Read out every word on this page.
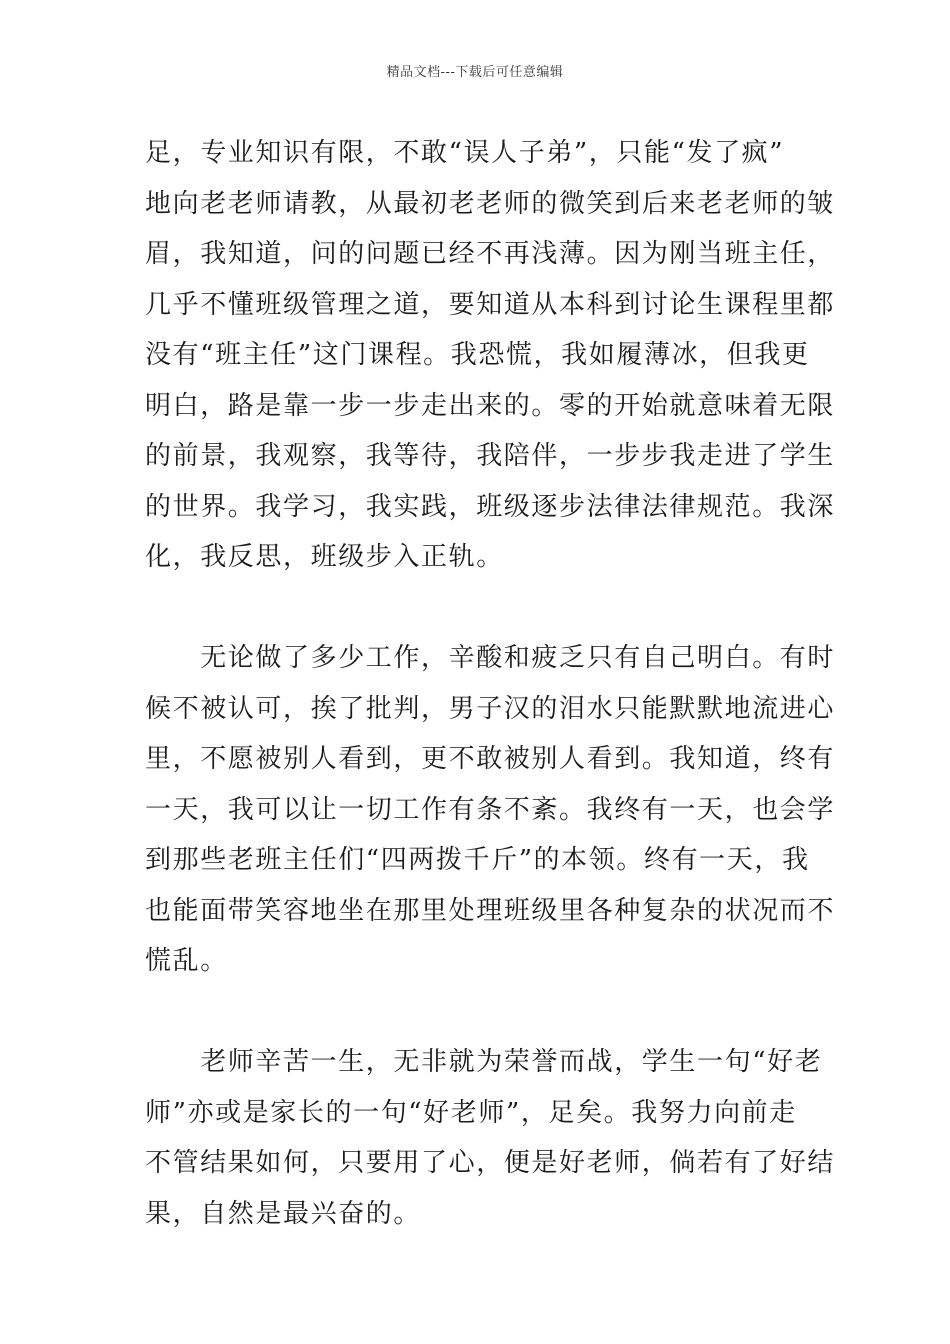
精品文档---下载后可任意编辑
足，专业知识有限，不敢“误人子弟”，只能“发了疯”
地向老老师请教，从最初老老师的微笑到后来老老师的皱
眉，我知道，问的问题已经不再浅薄。因为刚当班主任，
几乎不懂班级管理之道，要知道从本科到讨论生课程里都
没有“班主任”这门课程。我恐慌，我如履薄冰，但我更
明白，路是靠一步一步走出来的。零的开始就意味着无限
的前景，我观察，我等待，我陪伴，一步步我走进了学生
的世界。我学习，我实践，班级逐步法律法律规范。我深
化，我反思，班级步入正轨。
　　无论做了多少工作，辛酸和疲乏只有自己明白。有时
候不被认可，挨了批判，男子汉的泪水只能默默地流进心
里，不愿被别人看到，更不敢被别人看到。我知道，终有
一天，我可以让一切工作有条不紊。我终有一天，也会学
到那些老班主任们“四两拨千斤”的本领。终有一天，我
也能面带笑容地坐在那里处理班级里各种复杂的状况而不
慌乱。
　　老师辛苦一生，无非就为荣誉而战，学生一句“好老
师”亦或是家长的一句“好老师”，足矣。我努力向前走
不管结果如何，只要用了心，便是好老师，倘若有了好结
果，自然是最兴奋的。
